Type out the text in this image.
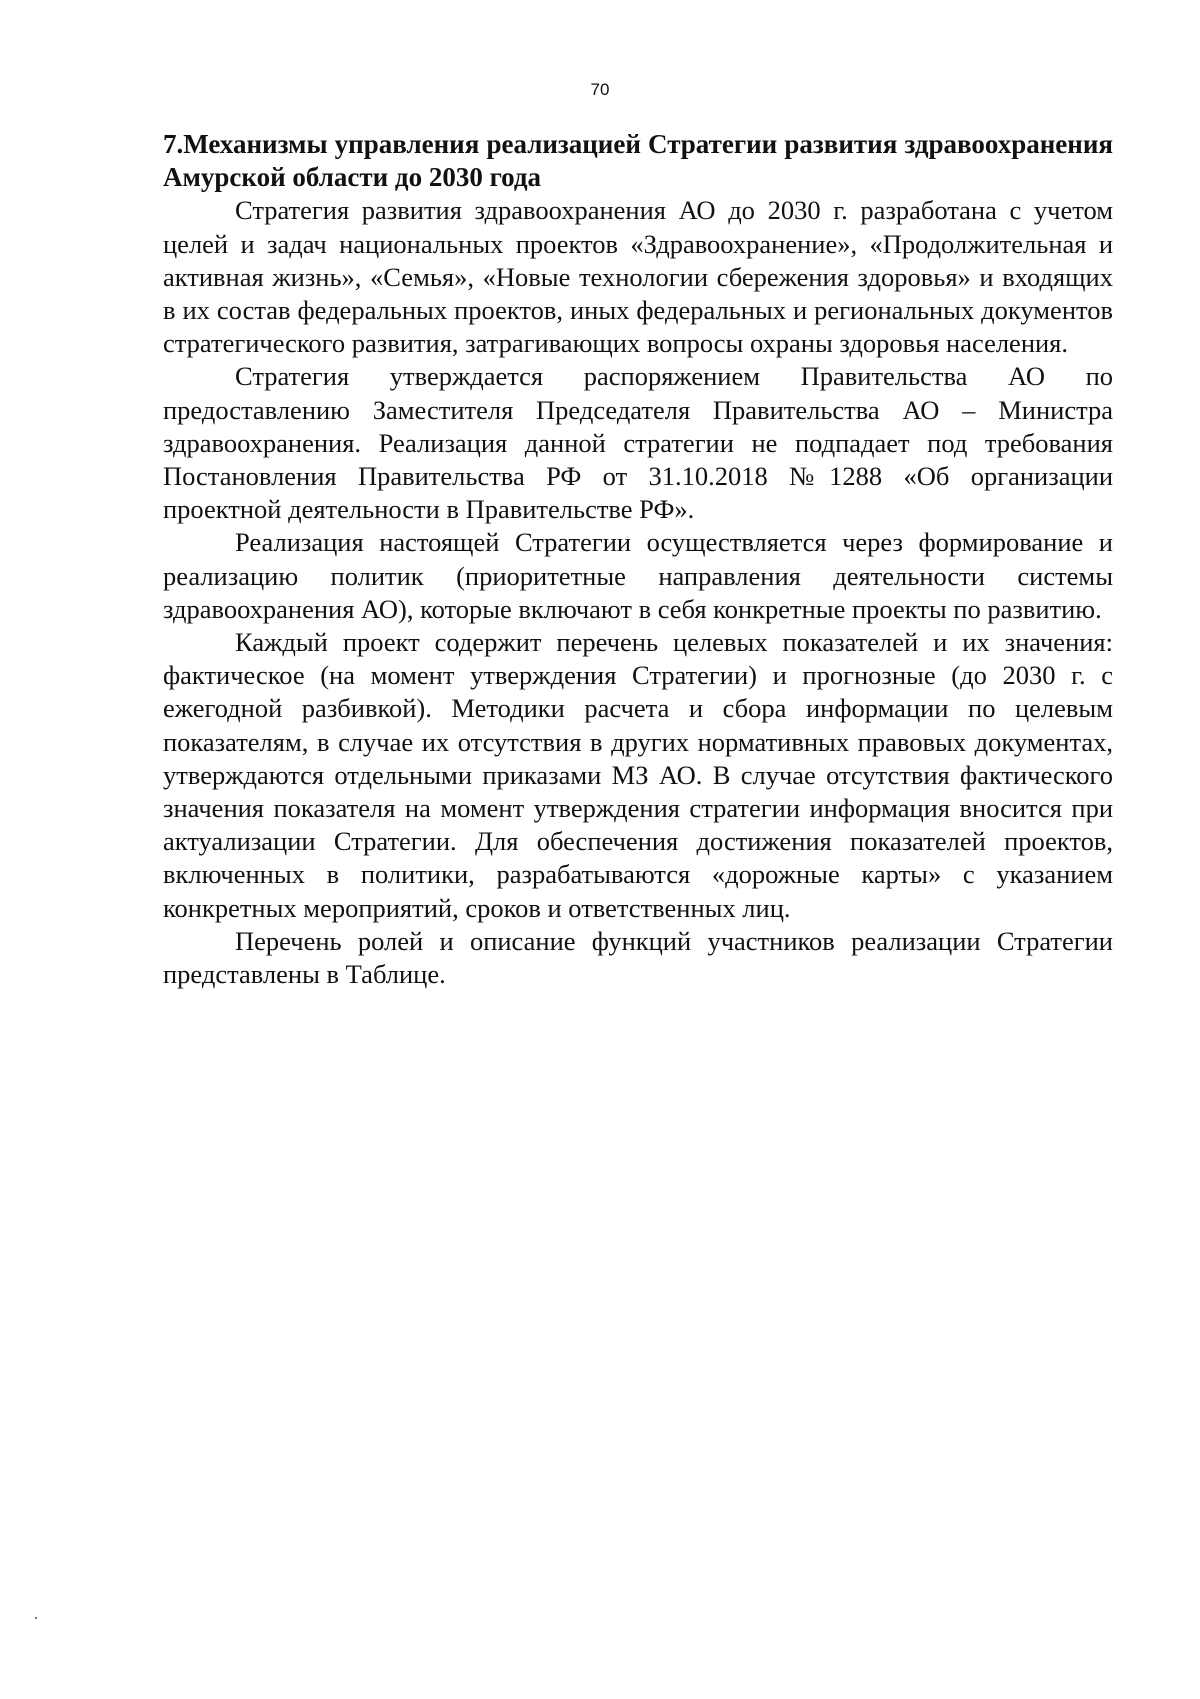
70

7.Механизмы управления реализацией Стратегии развития здравоохранения Амурской области до 2030 года

Стратегия развития здравоохранения АО до 2030 г. разработана с учетом целей и задач национальных проектов «Здравоохранение», «Продолжительная и активная жизнь», «Семья», «Новые технологии сбережения здоровья» и входящих в их состав федеральных проектов, иных федеральных и региональных документов стратегического развития, затрагивающих вопросы охраны здоровья населения.

Стратегия утверждается распоряжением Правительства АО по предоставлению Заместителя Председателя Правительства АО – Министра здравоохранения. Реализация данной стратегии не подпадает под требования Постановления Правительства РФ от 31.10.2018 №1288 «Об организации проектной деятельности в Правительстве РФ».

Реализация настоящей Стратегии осуществляется через формирование и реализацию политик (приоритетные направления деятельности системы здравоохранения АО), которые включают в себя конкретные проекты по развитию.

Каждый проект содержит перечень целевых показателей и их значения: фактическое (на момент утверждения Стратегии) и прогнозные (до 2030 г. с ежегодной разбивкой). Методики расчета и сбора информации по целевым показателям, в случае их отсутствия в других нормативных правовых документах, утверждаются отдельными приказами МЗ АО. В случае отсутствия фактического значения показателя на момент утверждения стратегии информация вносится при актуализации Стратегии. Для обеспечения достижения показателей проектов, включенных в политики, разрабатываются «дорожные карты» с указанием конкретных мероприятий, сроков и ответственных лиц.

Перечень ролей и описание функций участников реализации Стратегии представлены в Таблице.
